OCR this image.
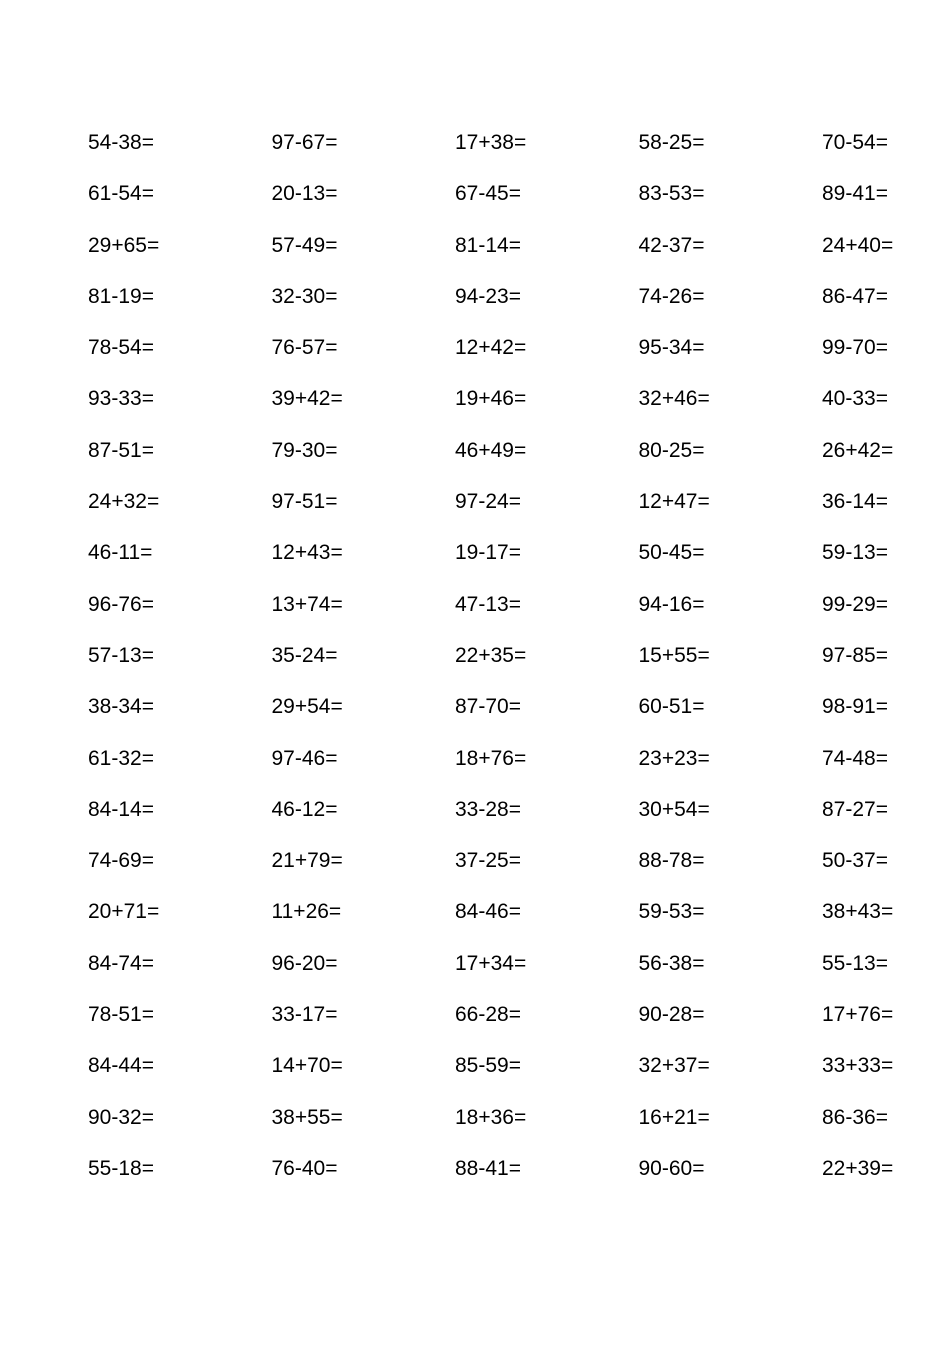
54-38=	97-67=	17+38=	58-25=	70-54=
61-54=	20-13=	67-45=	83-53=	89-41=
29+65=	57-49=	81-14=	42-37=	24+40=
81-19=	32-30=	94-23=	74-26=	86-47=
78-54=	76-57=	12+42=	95-34=	99-70=
93-33=	39+42=	19+46=	32+46=	40-33=
87-51=	79-30=	46+49=	80-25=	26+42=
24+32=	97-51=	97-24=	12+47=	36-14=
46-11=	12+43=	19-17=	50-45=	59-13=
96-76=	13+74=	47-13=	94-16=	99-29=
57-13=	35-24=	22+35=	15+55=	97-85=
38-34=	29+54=	87-70=	60-51=	98-91=
61-32=	97-46=	18+76=	23+23=	74-48=
84-14=	46-12=	33-28=	30+54=	87-27=
74-69=	21+79=	37-25=	88-78=	50-37=
20+71=	11+26=	84-46=	59-53=	38+43=
84-74=	96-20=	17+34=	56-38=	55-13=
78-51=	33-17=	66-28=	90-28=	17+76=
84-44=	14+70=	85-59=	32+37=	33+33=
90-32=	38+55=	18+36=	16+21=	86-36=
55-18=	76-40=	88-41=	90-60=	22+39=
